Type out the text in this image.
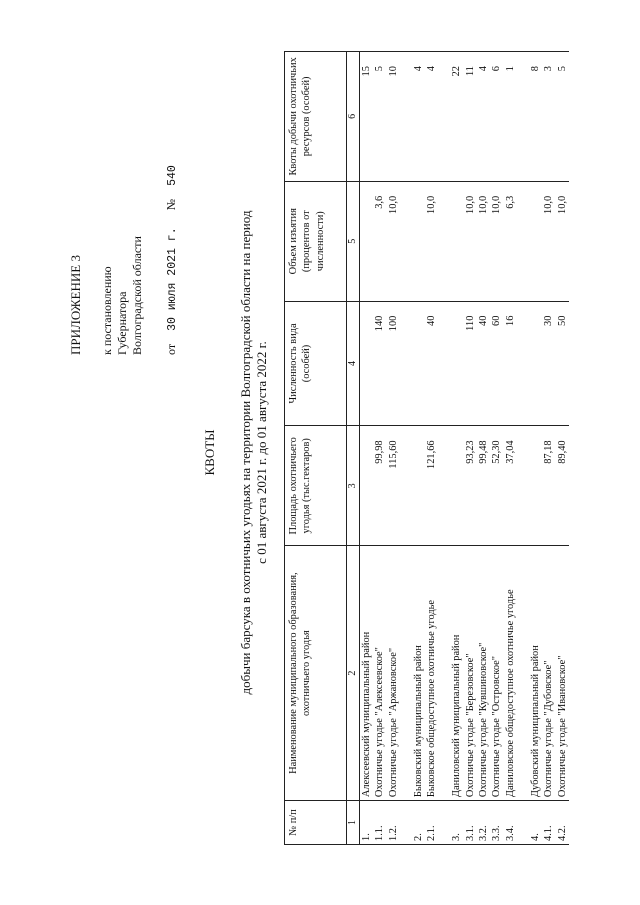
ПРИЛОЖЕНИЕ 3 к постановлению Губернатора Волгоградской области от 30 июля 2021 г. № 540
КВОТЫ добычи барсука в охотничьих угодьях на территории Волгоградской области на период с 01 августа 2021 г. до 01 августа 2022 г.
№ п/п	Наименование муниципального образования, охотничьего угодья	Площадь охотничьего угодья (тыс.гектаров)	Численность вида (особей)	Объем изъятия (процентов от численности)	Квоты добычи охотничьих ресурсов (особей)
1	2	3	4	5	6
1.	Алексеевский муниципальный район				15
1.1.	Охотничье угодье "Алексеевское"	99,98	140	3,6	5
1.2.	Охотничье угодье "Аржановское"	115,60	100	10,0	10

2.	Быковский муниципальный район				4
2.1.	Быковское общедоступное охотничье угодье	121,66	40	10,0	4

3.	Даниловский муниципальный район				22
3.1.	Охотничье угодье "Березовское"	93,23	110	10,0	11
3.2.	Охотничье угодье "Кувшиновское"	99,48	40	10,0	4
3.3.	Охотничье угодье "Островское"	52,30	60	10,0	6
3.4.	Даниловское общедоступное охотничье угодье	37,04	16	6,3	1

4.	Дубовский муниципальный район				8
4.1.	Охотничье угодье "Дубовское"	87,18	30	10,0	3
4.2.	Охотничье угодье "Ивановское"	89,40	50	10,0	5
